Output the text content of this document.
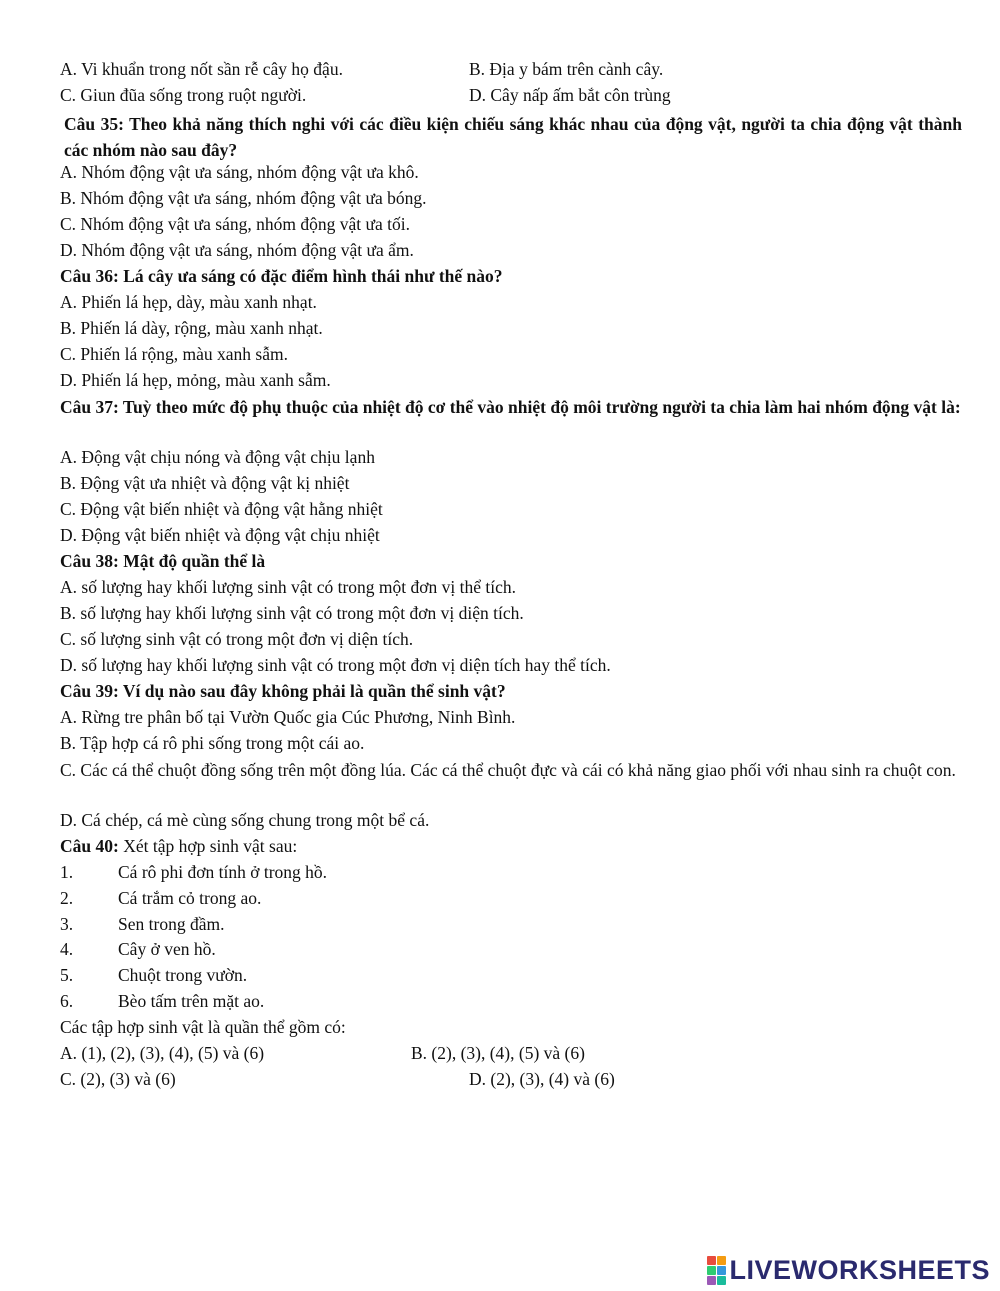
A. Vi khuẩn trong nốt sần rễ cây họ đậu.	B. Địa y bám trên cành cây.
C. Giun đũa sống trong ruột người.	D. Cây nấp ấm bắt côn trùng
Câu 35: Theo khả năng thích nghi với các điều kiện chiếu sáng khác nhau của động vật, người ta chia động vật thành các nhóm nào sau đây?
A. Nhóm động vật ưa sáng, nhóm động vật ưa khô.
B. Nhóm động vật ưa sáng, nhóm động vật ưa bóng.
C. Nhóm động vật ưa sáng, nhóm động vật ưa tối.
D. Nhóm động vật ưa sáng, nhóm động vật ưa ẩm.
Câu 36: Lá cây ưa sáng có đặc điểm hình thái như thế nào?
A. Phiến lá hẹp, dày, màu xanh nhạt.
B. Phiến lá dày, rộng, màu xanh nhạt.
C. Phiến lá rộng, màu xanh sẫm.
D. Phiến lá hẹp, mỏng, màu xanh sẫm.
Câu 37: Tuỳ theo mức độ phụ thuộc của nhiệt độ cơ thể vào nhiệt độ môi trường người ta chia làm hai nhóm động vật là:
A. Động vật chịu nóng và động vật chịu lạnh
B. Động vật ưa nhiệt và động vật kị nhiệt
C. Động vật biến nhiệt và động vật hằng nhiệt
D. Động vật biến nhiệt và động vật chịu nhiệt
Câu 38: Mật độ quần thể là
A. số lượng hay khối lượng sinh vật có trong một đơn vị thể tích.
B. số lượng hay khối lượng sinh vật có trong một đơn vị diện tích.
C. số lượng sinh vật có trong một đơn vị diện tích.
D. số lượng hay khối lượng sinh vật có trong một đơn vị diện tích hay thể tích.
Câu 39: Ví dụ nào sau đây không phải là quần thể sinh vật?
A. Rừng tre phân bố tại Vườn Quốc gia Cúc Phương, Ninh Bình.
B. Tập hợp cá rô phi sống trong một cái ao.
C. Các cá thể chuột đồng sống trên một đồng lúa. Các cá thể chuột đực và cái có khả năng giao phối với nhau sinh ra chuột con.
D. Cá chép, cá mè cùng sống chung trong một bể cá.
Câu 40: Xét tập hợp sinh vật sau:
1.	Cá rô phi đơn tính ở trong hồ.
2.	Cá trắm cỏ trong ao.
3.	Sen trong đầm.
4.	Cây ở ven hồ.
5.	Chuột trong vườn.
6.	Bèo tấm trên mặt ao.
Các tập hợp sinh vật là quần thể gồm có:
A. (1), (2), (3), (4), (5) và (6)	B. (2), (3), (4), (5) và (6)
C. (2), (3) và (6)	D. (2), (3), (4) và (6)
LIVEWORKSHEETS
